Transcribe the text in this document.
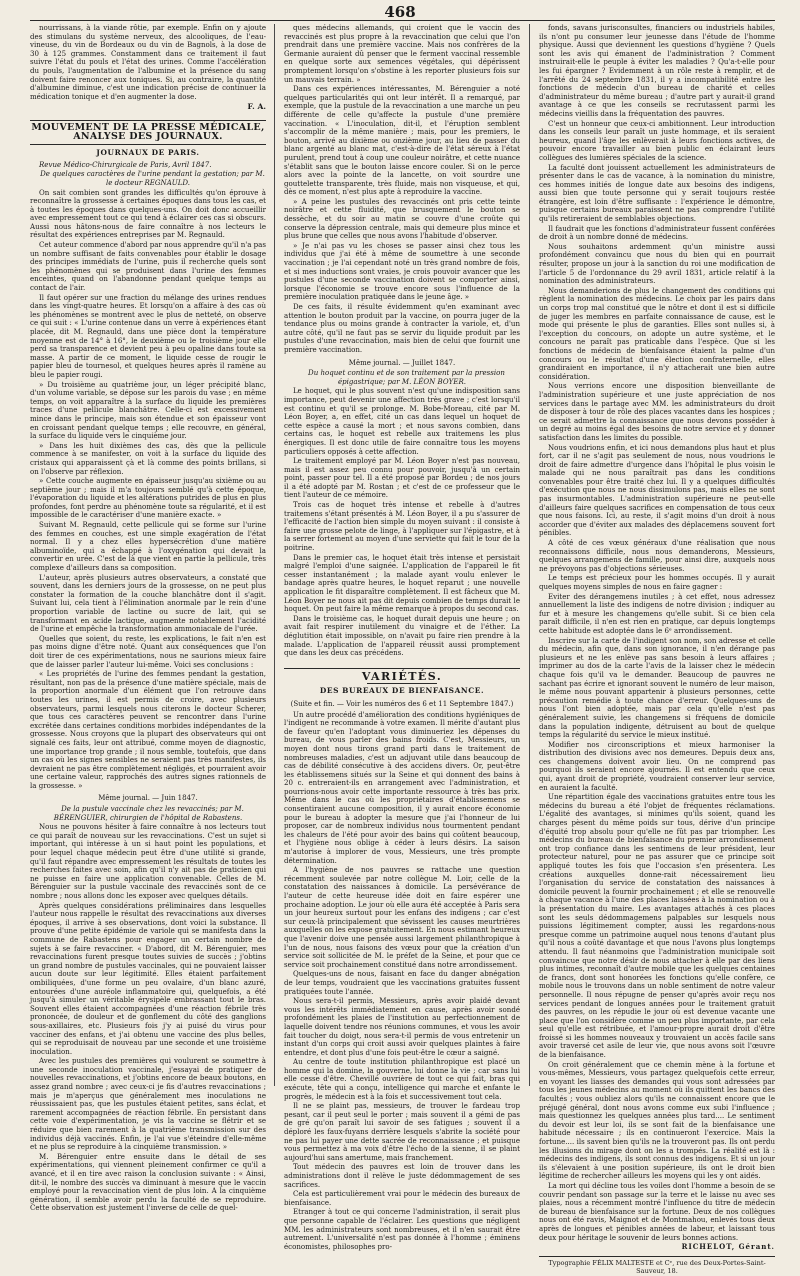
468

nourrissans, à la viande rôtie, par exemple. Enfin on y ajoute des stimulans du système nerveux, des alcooliques, de l'eau-vineuse, du vin de Bordeaux ou du vin de Bagnols, à la dose de 30 à 125 grammes. Constamment dans ce traitement il faut suivre l'état du pouls et l'état des urines. Comme l'accélération du pouls, l'augmentation de l'albumine et la présence du sang doivent faire renoncer aux toniques. Si, au contraire, la quantité d'albumine diminue, c'est une indication précise de continuer la médication tonique et d'en augmenter la dose.

F. A.
MOUVEMENT DE LA PRESSE MÉDICALE, ANALYSE DES JOURNAUX.
JOURNAUX DE PARIS.

Revue Médico-Chirurgicale de Paris, Avril 1847.

De quelques caractères de l'urine pendant la gestation; par M. le docteur REGNAULD.

On sait combien sont grandes les difficultés qu'on éprouve à reconnaître la grossesse à certaines époques dans tous les cas, et à toutes les époques dans quelques-uns. On doit donc accueillir avec empressement tout ce qui tend à éclairer ces cas si obscurs. Aussi nous hâtons-nous de faire connaître à nos lecteurs le résultat des expériences entreprises par M. Regnauld.

Cet auteur commence d'abord par nous apprendre qu'il n'a pas un nombre suffisant de faits convenables pour établir le dosage des principes immédiats de l'urine, puis il recherche quels sont les phénomènes qui se produisent dans l'urine des femmes enceintes, quand on l'abandonne pendant quelque temps au contact de l'air.

Il faut opérer sur une fraction du mélange des urines rendues dans les vingt-quatre heures. Et lorsqu'on a affaire à des cas où les phénomènes se montrent avec le plus de netteté, on observe ce qui suit : « L'urine contenue dans un verre à expériences étant placée, dit M. Regnauld, dans une pièce dont la température moyenne est de 14° à 16°, le deuxième ou le troisième jour elle perd sa transparence et devient peu à peu opaline dans toute sa masse. A partir de ce moment, le liquide cesse de rougir le papier bleu de tournesol, et quelques heures après il ramène au bleu le papier rougi.

» Du troisième au quatrième jour, un léger précipité blanc, d'un volume variable, se dépose sur les parois du vase ; en même temps, on voit apparaître à la surface du liquide les premières traces d'une pellicule blanchâtre. Celle-ci est excessivement mince dans le principe, mais son étendue et son épaisseur vont en croissant pendant quelque temps ; elle recouvre, en général, la surface du liquide vers le cinquième jour.

» Dans les huit dixièmes des cas, dès que la pellicule commence à se manifester, on voit à la surface du liquide des cristaux qui apparaissent çà et là comme des points brillans, si on l'observe par réflexion.

» Cette couche augmente en épaisseur jusqu'au sixième ou au septième jour ; mais il m'a toujours semblé qu'à cette époque, l'évaporation du liquide et les altérations putrides de plus en plus profondes, font perdre au phénomène toute sa régularité, et il est impossible de le caractériser d'une manière exacte. »

Suivant M. Regnauld, cette pellicule qui se forme sur l'urine des femmes en couches, est une simple exagération de l'état normal. Il y a chez elles hypersécrétion d'une matière albuminoïde, qui a échappé à l'oxygénation qui devait la convertir en urée. C'est de là que vient en partie la pellicule, très complexe d'ailleurs dans sa composition.

L'auteur, après plusieurs autres observateurs, a constaté que souvent, dans les derniers jours de la grossesse, on ne peut plus constater la formation de la couche blanchâtre dont il s'agit. Suivant lui, cela tient à l'élimination anormale par le rein d'une proportion variable de lactine ou sucre de lait, qui se transformant en acide lactique, augmente notablement l'acidité de l'urine et empêche la transformation ammoniacale de l'urée.

Quelles que soient, du reste, les explications, le fait n'en est pas moins digne d'être noté. Quant aux conséquences que l'on doit tirer de ces expérimentations, nous ne saurions mieux faire que de laisser parler l'auteur lui-même. Voici ses conclusions :

« Les propriétés de l'urine des femmes pendant la gestation, résultant, non pas de la présence d'une matière spéciale, mais de la proportion anormale d'un élément que l'on retrouve dans toutes les urines, il est permis de croire, avec plusieurs observateurs, parmi lesquels nous citerons le docteur Scherer, que tous ces caractères peuvent se rencontrer dans l'urine excrétée dans certaines conditions morbides indépendantes de la grossesse. Nous croyons que la plupart des observateurs qui ont signalé ces faits, leur ont attribué, comme moyen de diagnostic, une importance trop grande ; il nous semble, toutefois, que dans un cas où les signes sensibles ne seraient pas très manifestes, ils devraient ne pas être complètement négligés, et pourraient avoir une certaine valeur, rapprochés des autres signes rationnels de la grossesse. »

Même journal. — Juin 1847.

De la pustule vaccinale chez les revaccinés; par M. BÉRENGUIER, chirurgien de l'hôpital de Rabastens.

Nous ne pouvons hésiter à faire connaître à nos lecteurs tout ce qui paraît de nouveau sur les revaccinations. C'est un sujet si important, qui intéresse à un si haut point les populations, et pour lequel chaque médecin peut être d'une utilité si grande, qu'il faut répandre avec empressement les résultats de toutes les recherches faites avec soin, afin qu'il n'y ait pas de praticien qui ne puisse en faire une application convenable. Celles de M. Bérenguier sur la pustule vaccinale des revaccinés sont de ce nombre ; nous allons donc les exposer avec quelques détails.

Après quelques considérations préliminaires dans lesquelles l'auteur nous rappelle le résultat des revaccinations aux diverses époques, il arrive à ses observations, dont voici la substance. Il prouve d'une petite épidémie de variole qui se manifesta dans la commune de Rabastens pour engager un certain nombre de sujets à se faire revacciner. « D'abord, dit M. Bérenguier, mes revaccinations furent presque toutes suivies de succès ; j'obtins un grand nombre de pustules vaccinales, qui ne pouvaient laisser aucun doute sur leur légitimité. Elles étaient parfaitement ombiliquées, d'une forme un peu ovalaire, d'un blanc azuré, entourées d'une auréole inflammatoire qui, quelquefois, a été jusqu'à simuler un véritable érysipèle embrassant tout le bras. Souvent elles étaient accompagnées d'une réaction fébrile très prononcée, de douleur et de gonflement du côté des ganglions sous-axillaires, etc. Plusieurs fois j'y ai puisé du virus pour vacciner des enfans, et j'ai obtenu une vaccine des plus belles, qui se reproduisait de nouveau par une seconde et une troisième inoculation.

Avec les pustules des premières qui voulurent se soumettre à une seconde inoculation vaccinale, j'essayai de pratiquer de nouvelles revaccinations, et j'obtins encore de beaux boutons, en assez grand nombre ; avec ceux-ci je fis d'autres revaccinations ; mais je m'aperçus que généralement mes inoculations ne réussissaient pas, que les pustules étaient petites, sans éclat, et rarement accompagnées de réaction fébrile. En persistant dans cette voie d'expérimentation, je vis la vaccine se flétrir et se réduire que bien rarement à la quatrième transmission sur des individus déjà vaccinés. Enfin, je l'ai vue s'éteindre d'elle-même et ne plus se reproduire à la cinquième transmission. »

M. Bérenguier entre ensuite dans le détail de ses expérimentations, qui viennent pleinement confirmer ce qu'il a avancé, et il en tire avec raison la conclusion suivante : « Ainsi, dit-il, le nombre des succès va diminuant à mesure que le vaccin employé pour la revaccination vient de plus loin. A la cinquième génération, il semble avoir perdu la faculté de se reproduire. Cette observation est justement l'inverse de celle de quel-

ques médecins allemands, qui croient que le vaccin des revaccinés est plus propre à la revaccination que celui que l'on prendrait dans une première vaccine. Mais nos confrères de la Germanie auraient dû penser que le ferment vaccinal ressemble en quelque sorte aux semences végétales, qui dépérissent promptement lorsqu'on s'obstine à les reporter plusieurs fois sur un mauvais terrain. »

Dans ces expériences intéressantes, M. Bérenguier a noté quelques particularités qui ont leur intérêt. Il a remarqué, par exemple, que la pustule de la revaccination a une marche un peu différente de celle qu'affecte la pustule d'une première vaccination. « L'inoculation, dit-il, et l'éruption semblent s'accomplir de la même manière ; mais, pour les premiers, le bouton, arrivé au dixième ou onzième jour, au lieu de passer du blanc argenté au blanc mat, c'est-à-dire de l'état séreux à l'état purulent, prend tout à coup une couleur noirâtre, et cette nuance s'établit sans que le bouton laisse encore couler. Si on le perce alors avec la pointe de la lancette, on voit sourdre une gouttelette transparente, très fluide, mais non visqueuse, et qui, dès ce moment, n'est plus apte à reproduire la vaccine.

» A peine les pustules des revaccinés ont pris cette teinte noirâtre et cette fluidité, que brusquement le bouton se dessèche, et du soir au matin se couvre d'une croûte qui conserve la dépression centrale, mais qui demeure plus mince et plus brune que celles que nous avons l'habitude d'observer.

» Je n'ai pas vu les choses se passer ainsi chez tous les individus que j'ai été à même de soumettre à une seconde vaccination ; je l'ai cependant noté un très grand nombre de fois, et si mes inductions sont vraies, je crois pouvoir avancer que les pustules d'une seconde vaccination doivent se comporter ainsi, lorsque l'économie se trouve encore sous l'influence de la première inoculation pratiquée dans le jeune âge. »

De ces faits, il résulte évidemment qu'en examinant avec attention le bouton produit par la vaccine, on pourra juger de la tendance plus ou moins grande à contracter la variole, et, d'un autre côté, qu'il ne faut pas se servir du liquide produit par les pustules d'une revaccination, mais bien de celui que fournit une première vaccination.

Même journal. — Juillet 1847.

Du hoquet continu et de son traitement par la pression épigastrique; par M. LÉON BOYER.

Le hoquet, qui le plus souvent n'est qu'une indisposition sans importance, peut devenir une affection très grave ; c'est lorsqu'il est continu et qu'il se prolonge. M. Bobe-Moreau, cité par M. Léon Boyer, a, en effet, cité un cas dans lequel un hoquet de cette espèce a causé la mort ; et nous savons combien, dans certains cas, le hoquet est rebelle aux traitemens les plus énergiques. Il est donc utile de faire connaître tous les moyens particuliers opposés à cette affection.

Le traitement employé par M. Léon Boyer n'est pas nouveau, mais il est assez peu connu pour pouvoir, jusqu'à un certain point, passer pour tel. Il a été proposé par Bordeu ; de nos jours il a été adopté par M. Rostan ; et c'est de ce professeur que le tient l'auteur de ce mémoire.

Trois cas de hoquet très intense et rebelle à d'autres traitemens s'étant présentés à M. Léon Boyer, il a pu s'assurer de l'efficacité de l'action bien simple du moyen suivant : il consiste à faire une grosse pelote de linge, à l'appliquer sur l'épigastre, et à la serrer fortement au moyen d'une serviette qui fait le tour de la poitrine.

Dans le premier cas, le hoquet était très intense et persistait malgré l'emploi d'une saignée. L'application de l'appareil le fit cesser instantanément ; la malade ayant voulu enlever le bandage après quatre heures, le hoquet reparut ; une nouvelle application le fit disparaître complètement. Il est fâcheux que M. Léon Boyer ne nous ait pas dit depuis combien de temps durait le hoquet. On peut faire la même remarque à propos du second cas.

Dans le troisième cas, le hoquet durait depuis une heure ; on avait fait respirer inutilement du vinaigre et de l'éther. La déglutition était impossible, on n'avait pu faire rien prendre à la malade. L'application de l'appareil réussit aussi promptement que dans les deux cas précédens.

VARIÉTÉS.
DES BUREAUX DE BIENFAISANCE.

(Suite et fin. — Voir les numéros des 6 et 11 Septembre 1847.)

Un autre procédé d'amélioration des conditions hygiéniques de l'indigent ne recommande à votre examen. Il mérite d'autant plus de faveur qu'en l'adoptant vous diminueriez les dépenses du bureau, de vous parler des bains froids. C'est, Messieurs, un moyen dont nous tirons grand parti dans le traitement de nombreuses maladies, c'est un adjuvant utile dans beaucoup de cas de débilité consécutive à des accidens divers. Or, peut-être les établissemens situés sur la Seine et qui donnent des bains à 20 c. entreraient-ils en arrangement avec l'administration, et pourrions-nous avoir cette importante ressource à très bas prix. Même dans le cas où les propriétaires d'établissemens se consentiraient aucune composition, il y aurait encore économie pour le bureau à adopter la mesure que j'ai l'honneur de lui proposer, car de nombreux individus nous tourmentent pendant les chaleurs de l'été pour avoir des bains qui coûtent beaucoup, et l'hygiène nous oblige à céder à leurs désirs. La saison m'autorise à implorer de vous, Messieurs, une très prompte détermination.

A l'hygiène de nos pauvres se rattache une question récemment soulevée par notre collègue M. Loir, celle de la constatation des naissances à domicile. La persévérance de l'auteur de cette heureuse idée doit en faire espérer une prochaine adoption. Le jour où elle aura été acceptée à Paris sera un jour heureux surtout pour les enfans des indigens ; car c'est sur ceux-là principalement que sévissent les causes meurtrières auxquelles on les expose gratuitement. En nous estimant heureux que l'avenir doive une pensée aussi largement philanthropique à l'un de nous, nous faisons des vœux pour que la création d'un service soit sollicitée de M. le préfet de la Seine, et pour que ce service soit prochainement constitué dans notre arrondissement.

Quelques-uns de nous, faisant en face du danger abnégation de leur temps, voudraient que les vaccinations gratuites fussent pratiquées toute l'année.

Nous sera-t-il permis, Messieurs, après avoir plaidé devant vous les intérêts immédiatement en cause, après avoir sondé profondément les plaies de l'institution au perfectionnement de laquelle doivent tendre nos réunions communes, et vous les avoir fait toucher du doigt, nous sera-t-il permis de vous entretenir un instant d'un corps qui croit aussi avoir quelques plaintes à faire entendre, et dont plus d'une fois peut-être le cœur a saigné.

Au centre de toute institution philanthropique est placé un homme qui la domine, la gouverne, lui donne la vie ; car sans lui elle cesse d'être. Chevillé ouvrière de tout ce qui fait, bras qui exécute, tête qui a conçu, intelligence qui marche et enfante le progrès, le médecin est à la fois et successivement tout cela.

Il ne se plaint pas, messieurs, de trouver le fardeau trop pesant, car il peut seul le porter ; mais souvent il a gémi de pas de gré qu'on paraît lui savoir de ses fatigues ; souvent il a déploré les faux-fuyans derrière lesquels s'abrite la société pour ne pas lui payer une dette sacrée de reconnaissance ; et puisque vous permettez à ma voix d'être l'écho de la sienne, il se plaint aujourd'hui sans amertume, mais franchement.

Tout médecin des pauvres est loin de trouver dans les administrations dont il relève le juste dédommagement de ses sacrifices.

Cela est particulièrement vrai pour le médecin des bureaux de bienfaisance.

Etranger à tout ce qui concerne l'administration, il serait plus que personne capable de l'éclairer. Les questions que négligent MM. les administrateurs sont nombreuses, et il n'en saurait être autrement. L'universalité n'est pas donnée à l'homme ; éminens économistes, philosophes pro-

fonds, savans jurisconsultes, financiers ou industriels habiles, ils n'ont pu consumer leur jeunesse dans l'étude de l'homme physique. Aussi que deviennent les questions d'hygiène ? Quels sont les avis qui émanent de l'administration ? Comment instruirait-elle le peuple à éviter les maladies ? Qu'a-t-elle pour les fui épargner ? Evidemment à un rôle reste à remplir, et de l'arrêté du 24 septembre 1831, il y a incompatibilité entre les fonctions de médecin d'un bureau de charité et celles d'administrateur du même bureau ; d'autre part y aurait-il grand avantage à ce que les conseils se recrutassent parmi les médecins vieillis dans la fréquentation des pauvres.

C'est un honneur que ceux-ci ambitionnent. Leur introduction dans les conseils leur paraît un juste hommage, et ils seraient heureux, quand l'âge les enlèverait à leurs fonctions actives, de pouvoir encore travailler au bien public en éclairant leurs collègues des lumières spéciales de la science.

La faculté dont jouissent actuellement les administrateurs de présenter dans le cas de vacance, à la nomination du ministre, ces hommes initiés de longue date aux besoins des indigens, aussi bien que toute personne qui y serait toujours restée étrangère, est loin d'être suffisante : l'expérience le démontre, puisque certains bureaux paraissent ne pas comprendre l'utilité qu'ils retireraient de semblables objections.

Il faudrait que les fonctions d'administrateur fussent conférées de droit à un nombre donné de médecins.

Nous souhaitons ardemment qu'un ministre aussi profondément convaincu que nous du bien qui en pourrait résulter, propose un jour à la sanction du roi une modification de l'article 5 de l'ordonnance du 29 avril 1831, article relatif à la nomination des administrateurs.

Nous demanderions de plus le changement des conditions qui règlent la nomination des médecins. Le choix par les pairs dans un corps trop mal constitué que le nôtre et dont il est si difficile de juger les membres en parfaite connaissance de cause, est le mode qui présente le plus de garanties. Elles sont nulles si, à l'exception du concours, on adopte un autre système, et le concours ne paraît pas praticable dans l'espèce. Que si les fonctions de médecin de bienfaisance étaient la palme d'un concours ou le résultat d'une élection confraternelle, elles grandiraient en importance, il n'y attacherait une bien autre considération.

Nous verrions encore une disposition bienveillante de l'administration supérieure et une juste appréciation de nos services dans le partage avec MM. les administrateurs du droit de disposer à tour de rôle des places vacantes dans les hospices ; ce serait admettre la connaissance que nous devons posséder à un degré au moins égal des besoins de notre service et y donner satisfaction dans les limites du possible.

Nous voudrions enfin, et ici nous demandons plus haut et plus fort, car il ne s'agit pas seulement de nous, nous voudrions le droit de faire admettre d'urgence dans l'hôpital le plus voisin le malade qui ne nous paraîtrait pas dans les conditions convenables pour être traité chez lui. Il y a quelques difficultés d'exécution que nous ne nous dissimulons pas, mais elles ne sont pas insurmontables. L'administration supérieure ne peut-elle d'ailleurs faire quelques sacrifices en compensation de tous ceux que nous faisons. Ici, au reste, il s'agit moins d'un droit à nous accorder que d'éviter aux malades des déplacemens souvent fort pénibles.

A côté de ces vœux généraux d'une réalisation que nous reconnaissons difficile, nous nous demanderons, Messieurs, quelques arrangemens de famille, pour ainsi dire, auxquels nous ne prévoyons pas d'objections sérieuses.

Le temps est précieux pour les hommes occupés. Il y aurait quelques moyens simples de nous en faire gagner :

Eviter des dérangemens inutiles ; à cet effet, nous adressez annuellement la liste des indigens de notre division ; indiquer au fur et à mesure les changemens qu'elle subit. Si ce bien cela paraît difficile, il n'en est rien en pratique, car depuis longtemps cette habitude est adoptée dans le 6ᵉ arrondissement.

Inscrire sur la carte de l'indigent son nom, son adresse et celle du médecin, afin que, dans son ignorance, il n'en dérange pas plusieurs et ne les enlève pas sans besoin à leurs affaires ; imprimer au dos de la carte l'avis de la laisser chez le médecin chaque fois qu'il va le demander. Beaucoup de pauvres ne sachant pas écrire et ignorant souvent le numéro de leur maison, le même nous pouvant appartenir à plusieurs personnes, cette précaution remédie à toute chance d'erreur. Quelques-uns de nous l'ont bien adoptée, mais par cela qu'elle n'est pas généralement suivie, les changemens si fréquens de domicile dans la population indigente, détruisent au bout de quelque temps la régularité du service le mieux institué.

Modifier nos circonscriptions et mieux harmoniser la distribution des divisions avec nos demeures. Depuis deux ans, ces changemens doivent avoir lieu. On ne comprend pas pourquoi ils seraient encore ajournés. Il est entendu que ceux qui, ayant droit de propriété, voudraient conserver leur service, en auraient la faculté.

Une répartition égale des vaccinations gratuites entre tous les médecins du bureau a été l'objet de fréquentes réclamations. L'égalité des avantages, si minimes qu'ils soient, quand les charges pèsent du même poids sur tous, dérive d'un principe d'équité trop absolu pour qu'elle ne fût pas par triompher. Les médecins du bureau de bienfaisance du premier arrondissement ont trop confiance dans les sentimens de leur président, leur protecteur naturel, pour ne pas assurer que ce principe soit appliqué toutes les fois que l'occasion s'en présentera. Les créations auxquelles donne-rait nécessairement lieu l'organisation du service de constatation des naissances à domicile peuvent la fournir prochainement ; et elle se renouvelle à chaque vacance à l'une des places laissées à la nomination ou à la présentation du maire. Les avantages attachés à ces places sont les seuls dédommagemens palpables sur lesquels nous puissions légitimement compter, aussi les regardons-nous presque comme un patrimoine auquel nous tenons d'autant plus qu'il nous a coûté davantage et que nous l'avons plus longtemps attendu. Il faut néanmoins que l'administration municipale soit convaincue que notre désir de nous attacher à elle par des liens plus intimes, reconnaît d'autre mobile que les quelques centaines de francs, dont sont honorées les fonctions qu'elle confère, ce mobile nous le trouvons dans un noble sentiment de notre valeur personnelle. Il nous répugne de penser qu'après avoir reçu nos services pendant de longues années pour le traitement gratuit des pauvres, on les répudie le jour où est devenue vacante une place que l'on considère comme un peu plus importante, par cela seul qu'elle est rétribuée, et l'amour-propre aurait droit d'être froissé si les hommes nouveaux y trouvaient un accès facile sans avoir traversé cet asile de leur vie, que nous avons soit l'œuvre de la bienfaisance.

On croit généralement que ce chemin mène à la fortune et vous-mêmes, Messieurs, vous partagez quelquefois cette erreur, en voyant les liasses des demandes qui vous sont adressées par tous les jeunes médecins au moment où ils quittent les bancs des facultés ; vous oubliez alors qu'ils ne connaissent encore que le préjugé général, dont nous avons comme eux subi l'influence ; mais questionnez les quelques années plus tard.... Le sentiment du devoir est leur loi, ils se sont fait de la bienfaisance une habitude nécessaire ; ils en continueront l'exercice. Mais la fortune.... ils savent bien qu'ils ne la trouveront pas. Ils ont perdu les illusions du mirage dont on les a trompés. La réalité est là : médecins des indigens, ils sont connus des indigens. Et si un jour ils s'élevaient à une position supérieure, ils ont le droit bien légitime de rechercher ailleurs les moyens qui les y ont aidés.

La mort qui décline tous les voiles dont l'homme a besoin de se couvrir pendant son passage sur la terre et le laisse nu avec ses plaies, nous a récemment montré l'influence du titre de médecin de bureau de bienfaisance sur la fortune. Deux de nos collègues nous ont été ravis, Maignot et de Montmahou, enlevés tous deux après de longues et pénibles années de labeur, et laissant tous deux pour héritage le souvenir de leurs bonnes actions.

RICHELOT, Gérant.

Typographie FÉLIX MALTESTE et Cᵉ, rue des Deux-Portes-Saint-Sauveur, 18.
